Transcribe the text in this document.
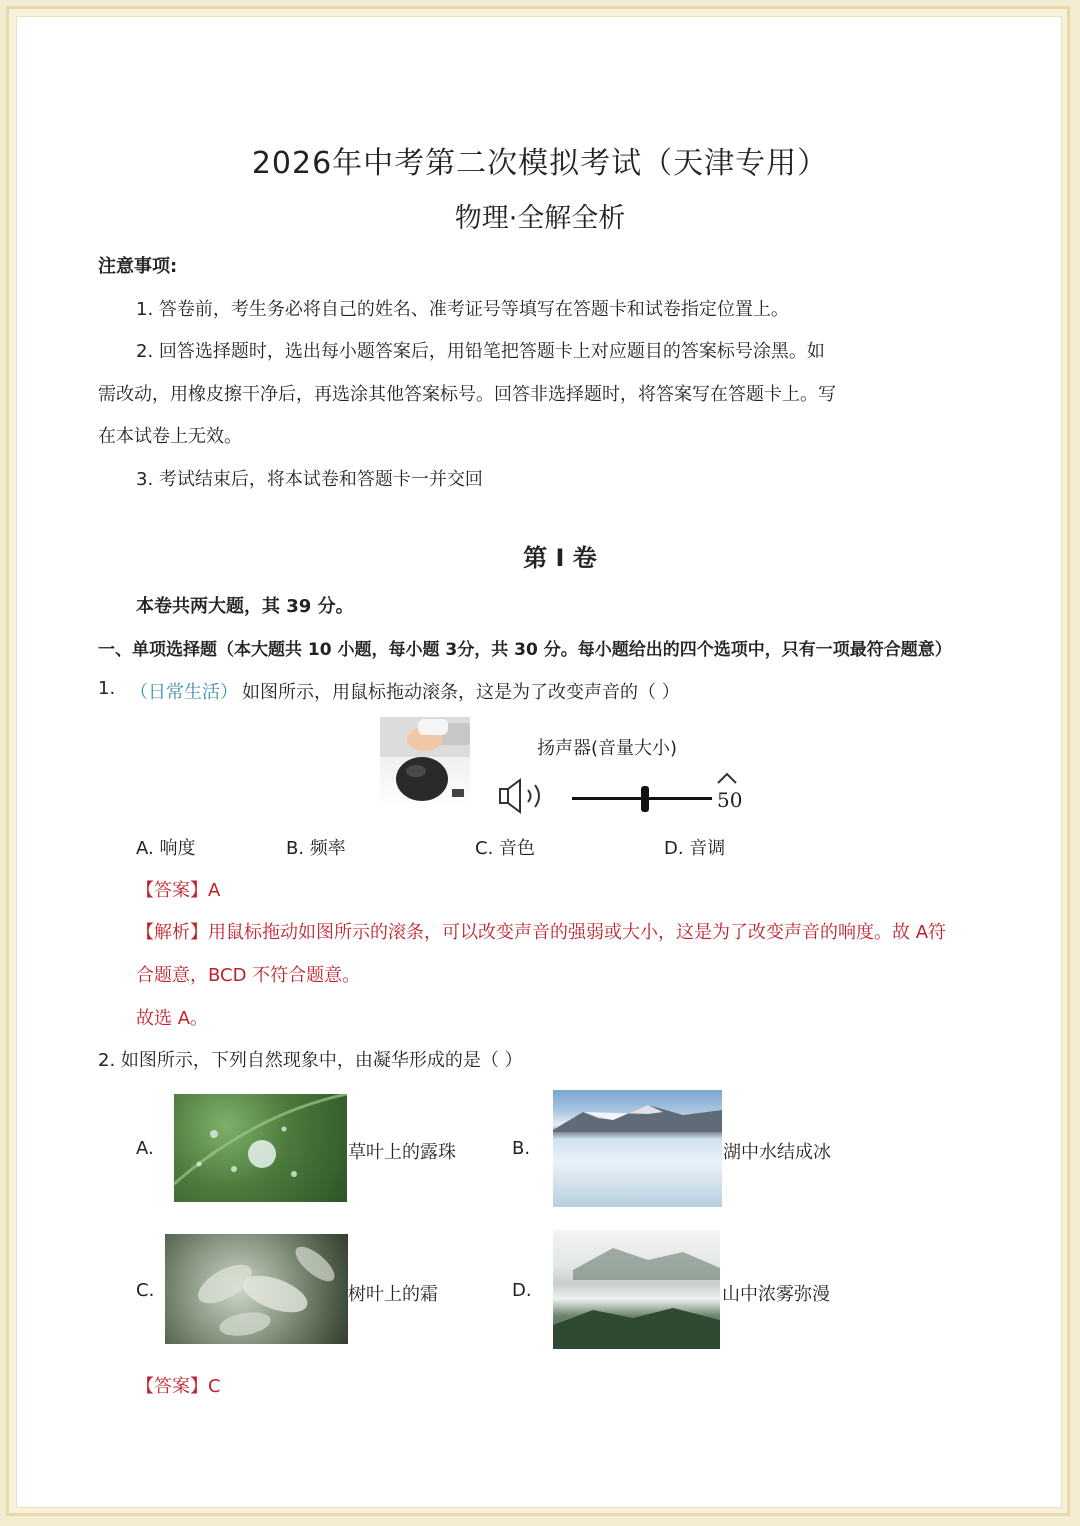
2026年中考第二次模拟考试（天津专用）
物理·全解全析
注意事项:
1. 答卷前，考生务必将自己的姓名、准考证号等填写在答题卡和试卷指定位置上。
2. 回答选择题时，选出每小题答案后，用铅笔把答题卡上对应题目的答案标号涂黑。如
需改动，用橡皮擦干净后，再选涂其他答案标号。回答非选择题时，将答案写在答题卡上。写
在本试卷上无效。
3. 考试结束后，将本试卷和答题卡一并交回
第 I 卷
本卷共两大题，其 39 分。
一、单项选择题（本大题共 10 小题，每小题 3分，共 30 分。每小题给出的四个选项中，只有一项最符合题意）
1. （日常生活） 如图所示，用鼠标拖动滚条，这是为了改变声音的（ ）
扬声器(音量大小)
50
A. 响度	B. 频率	C. 音色	D. 音调
【答案】A
【解析】用鼠标拖动如图所示的滚条，可以改变声音的强弱或大小，这是为了改变声音的响度。故 A符
合题意，BCD 不符合题意。
故选 A。
2. 如图所示，下列自然现象中，由凝华形成的是（ ）
A.	草叶上的露珠	B.	湖中水结成冰
C.	树叶上的霜	D.	山中浓雾弥漫
【答案】C
